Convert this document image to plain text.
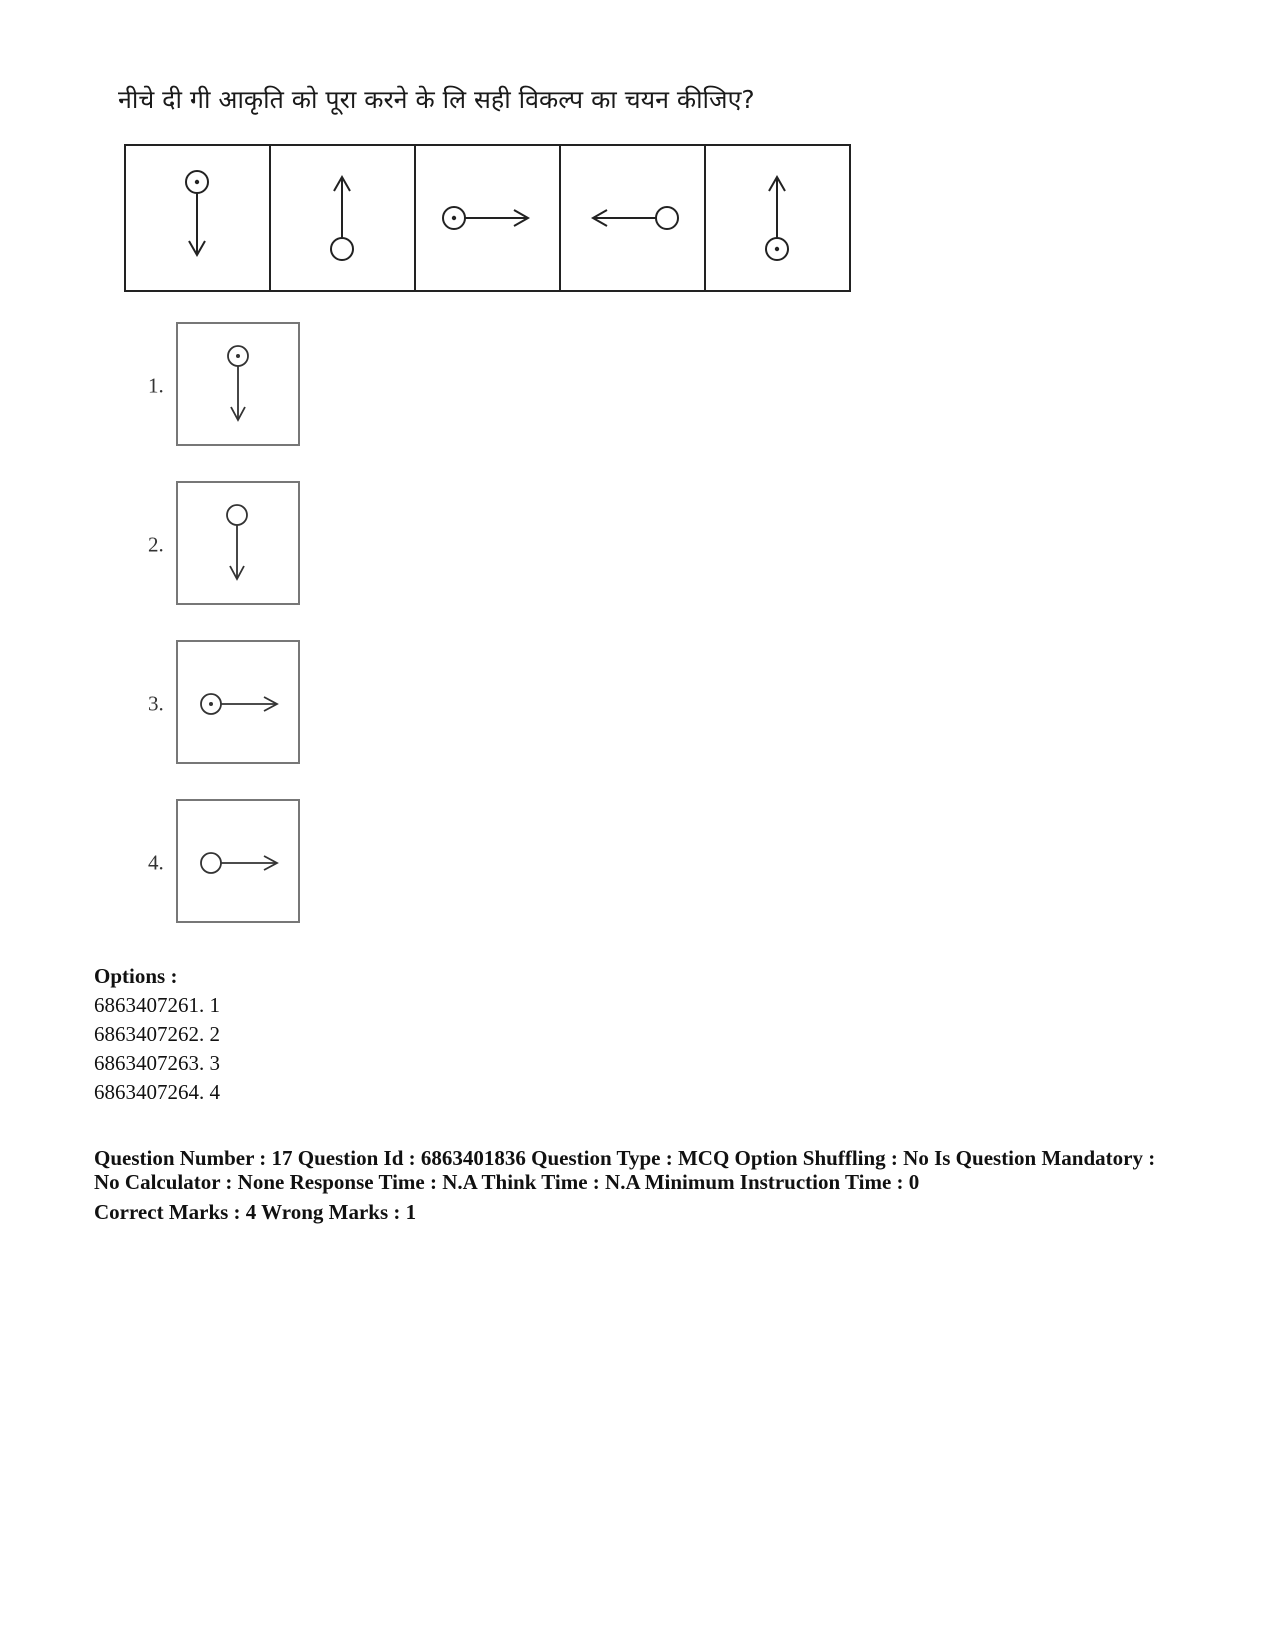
नीचे दी गी आकृति को पूरा करने के लि सही विकल्प का चयन कीजिए?
1.
2.
3.
4.
Options :
6863407261. 1
6863407262. 2
6863407263. 3
6863407264. 4
Question Number : 17 Question Id : 6863401836 Question Type : MCQ Option Shuffling : No Is Question Mandatory :
No Calculator : None Response Time : N.A Think Time : N.A Minimum Instruction Time : 0
Correct Marks : 4 Wrong Marks : 1
